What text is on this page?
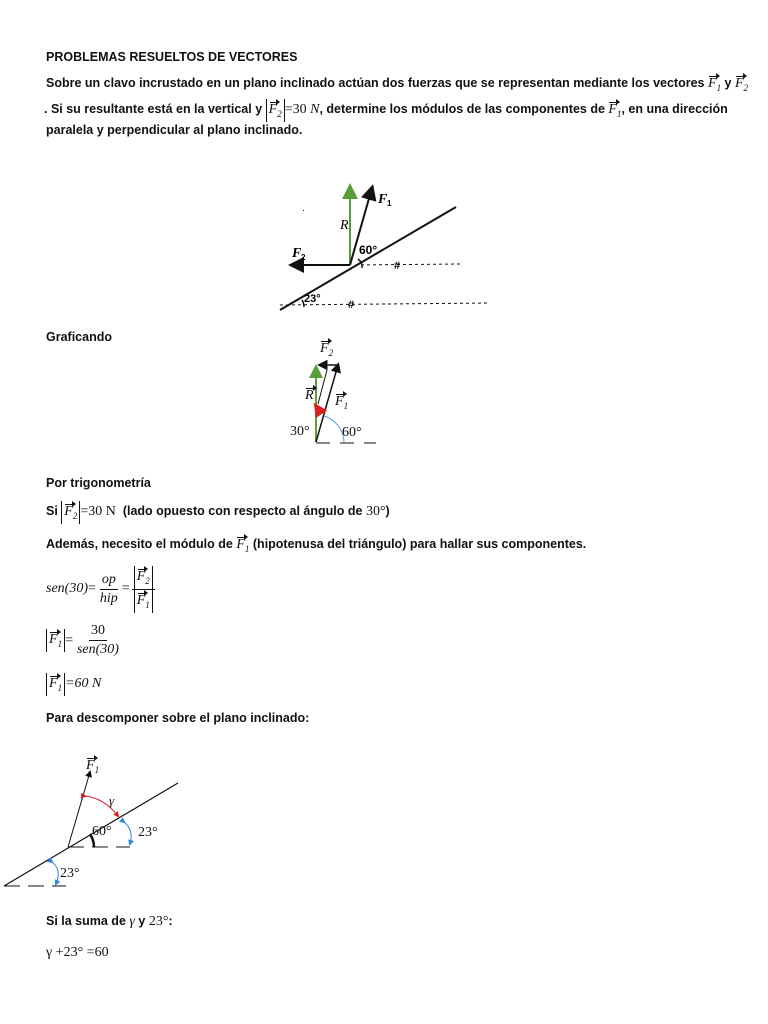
PROBLEMAS RESUELTOS DE VECTORES
Sobre un clavo incrustado en un plano inclinado actúan dos fuerzas que se representan mediante los vectores $F_1$ y $F_2$
. Si su resultante está en la vertical y $F_2 =30$ N, determine los módulos de las componentes de $F_1$, en una dirección
paralela y perpendicular al plano inclinado.
R
F 1
F 2
60°
23°
#
#
.
Graficando
$F_2$
R $F_1$
30° 60°
Por trigonometría
Si $F_2 =30$ N (lado opuesto con respecto al ángulo de 30°)
Además, necesito el módulo de $F_1$ (hipotenusa del triángulo) para hallar sus componentes.
$sen(30) = \frac{op}{\text{hip}} = \frac{F_2}{F_1}$
$F_1 = \frac{30}{\text{sen(30)}}$
$F_1 =60$ N
Para descomponer sobre el plano inclinado:
$F_1$
γ
60° 23°
23°
Si la suma de γ y 23°:
γ +23° =60
